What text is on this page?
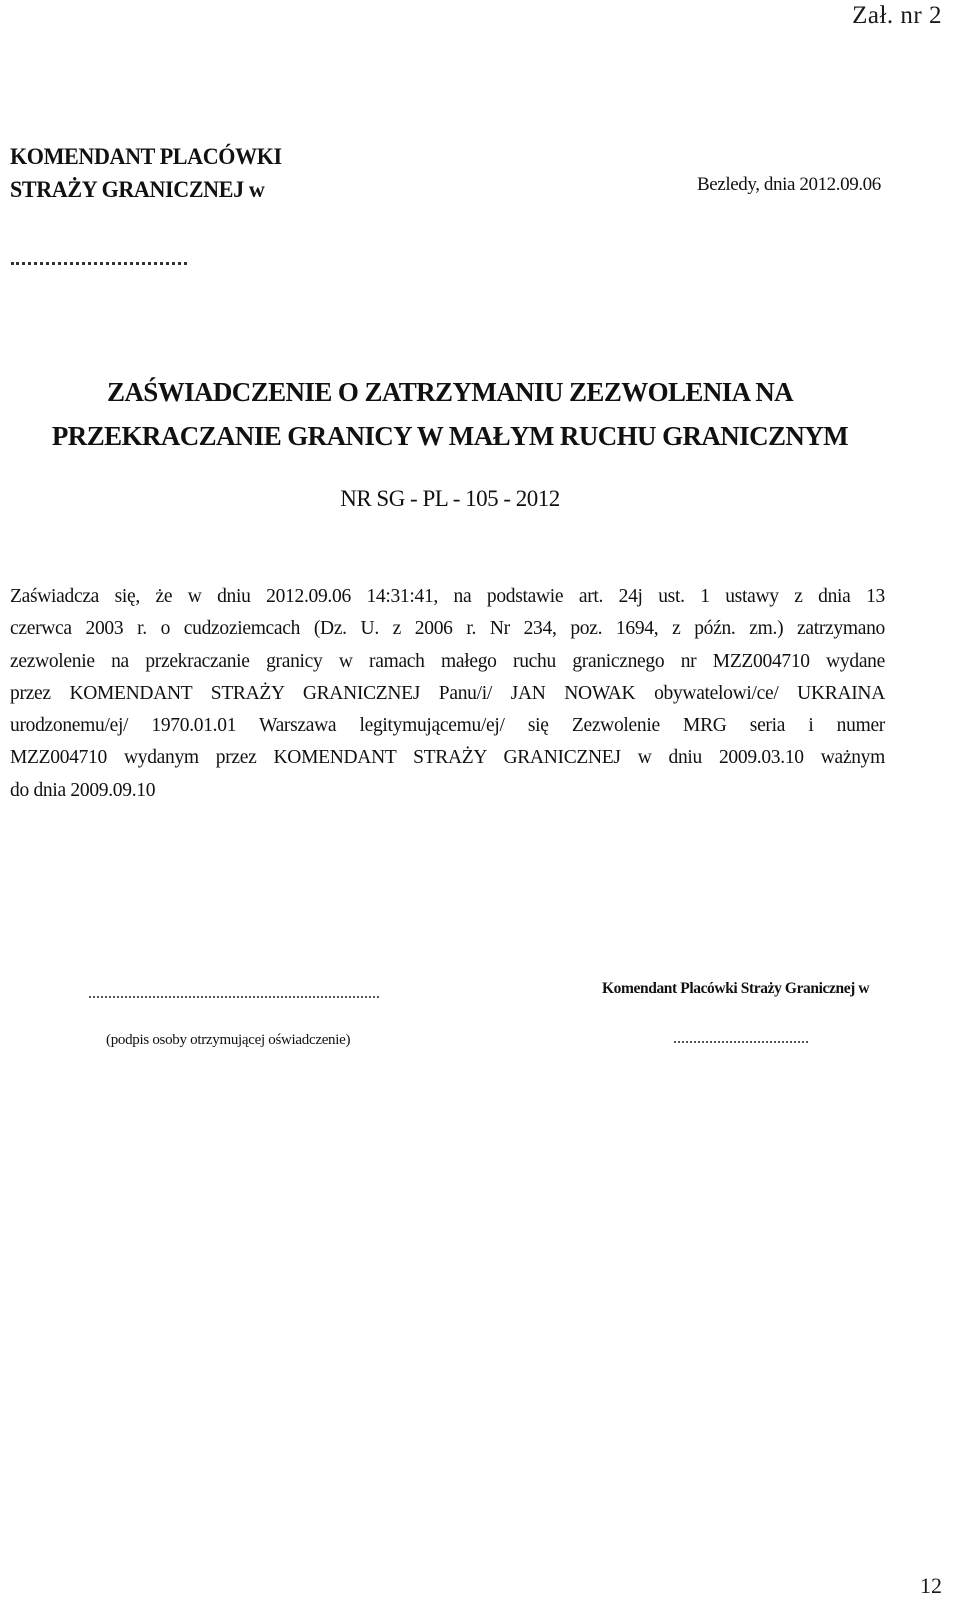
Zał. nr 2
KOMENDANT PLACÓWKI
STRAŻY GRANICZNEJ w	Bezledy, dnia 2012.09.06
ZAŚWIADCZENIE O ZATRZYMANIU ZEZWOLENIA NA
PRZEKRACZANIE GRANICY W MAŁYM RUCHU GRANICZNYM
NR SG - PL - 105 - 2012
Zaświadcza się, że w dniu 2012.09.06 14:31:41, na podstawie art. 24j ust. 1 ustawy z dnia 13
czerwca 2003 r. o cudzoziemcach (Dz. U. z 2006 r. Nr 234, poz. 1694, z późn. zm.) zatrzymano
zezwolenie na przekraczanie granicy w ramach małego ruchu granicznego nr MZZ004710 wydane
przez KOMENDANT STRAŻY GRANICZNEJ Panu/i/ JAN NOWAK obywatelowi/ce/ UKRAINA
urodzonemu/ej/ 1970.01.01 Warszawa legitymującemu/ej/ się Zezwolenie MRG seria i numer
MZZ004710 wydanym przez KOMENDANT STRAŻY GRANICZNEJ w dniu 2009.03.10 ważnym
do dnia 2009.09.10
(podpis osoby otrzymującej oświadczenie)
Komendant Placówki Straży Granicznej w
12
